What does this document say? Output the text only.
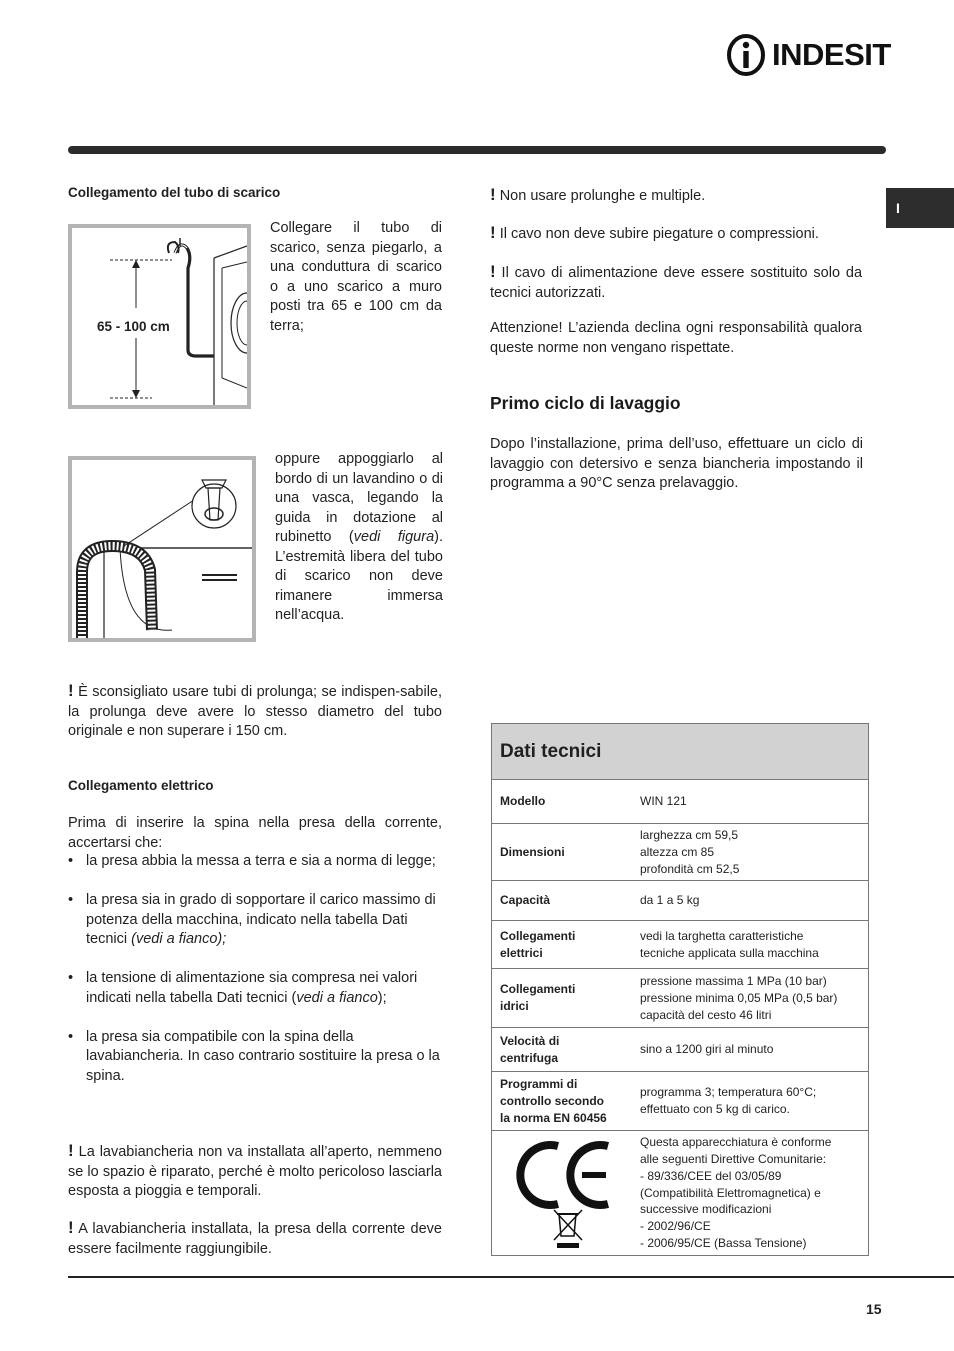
INDESIT
I
Collegamento del tubo di scarico
65 - 100 cm
Collegare il tubo di scarico, senza piegarlo, a una conduttura di scarico o a uno scarico a muro posti tra 65 e 100 cm da terra;
oppure appoggiarlo al bordo di un lavandino o di una vasca, legando la guida in dotazione al rubinetto (vedi figura). L’estremità libera del tubo di scarico non deve rimanere immersa nell’acqua.
! È sconsigliato usare tubi di prolunga; se indispen-sabile, la prolunga deve avere lo stesso diametro del tubo originale e non superare i 150 cm.
Collegamento elettrico
Prima di inserire la spina nella presa della corrente, accertarsi che:
• la presa abbia la messa a terra e sia a norma di legge;
• la presa sia in grado di sopportare il carico massimo di potenza della macchina, indicato nella tabella Dati tecnici (vedi a fianco);
• la tensione di alimentazione sia compresa nei valori indicati nella tabella Dati tecnici (vedi a fianco);
• la presa sia compatibile con la spina della lavabiancheria. In caso contrario sostituire la presa o la spina.
! La lavabiancheria non va installata all’aperto, nemmeno se lo spazio è riparato, perché è molto pericoloso lasciarla esposta a pioggia e temporali.
! A lavabiancheria installata, la presa della corrente deve essere facilmente raggiungibile.
! Non usare prolunghe e multiple.
! Il cavo non deve subire piegature o compressioni.
! Il cavo di alimentazione deve essere sostituito solo da tecnici autorizzati.
Attenzione! L’azienda declina ogni responsabilità qualora queste norme non vengano rispettate.
Primo ciclo di lavaggio
Dopo l’installazione, prima dell’uso, effettuare un ciclo di lavaggio con detersivo e senza biancheria impostando il programma a 90°C senza prelavaggio.
Dati tecnici
Modello	WIN 121
Dimensioni
larghezza cm 59,5
altezza cm 85
profondità cm 52,5
Capacità	da 1 a 5 kg
Collegamenti
elettrici
vedi la targhetta caratteristiche
tecniche applicata sulla macchina
Collegamenti
idrici
pressione massima 1 MPa (10 bar)
pressione minima 0,05 MPa (0,5 bar)
capacità del cesto 46 litri
Velocità di
centrifuga
sino a 1200 giri al minuto
Programmi di
controllo secondo
la norma EN 60456
programma 3; temperatura 60°C;
effettuato con 5 kg di carico.
Questa apparecchiatura è conforme
alle seguenti Direttive Comunitarie:
- 89/336/CEE del 03/05/89
(Compatibilità Elettromagnetica) e
successive modificazioni
- 2002/96/CE
- 2006/95/CE (Bassa Tensione)
15
